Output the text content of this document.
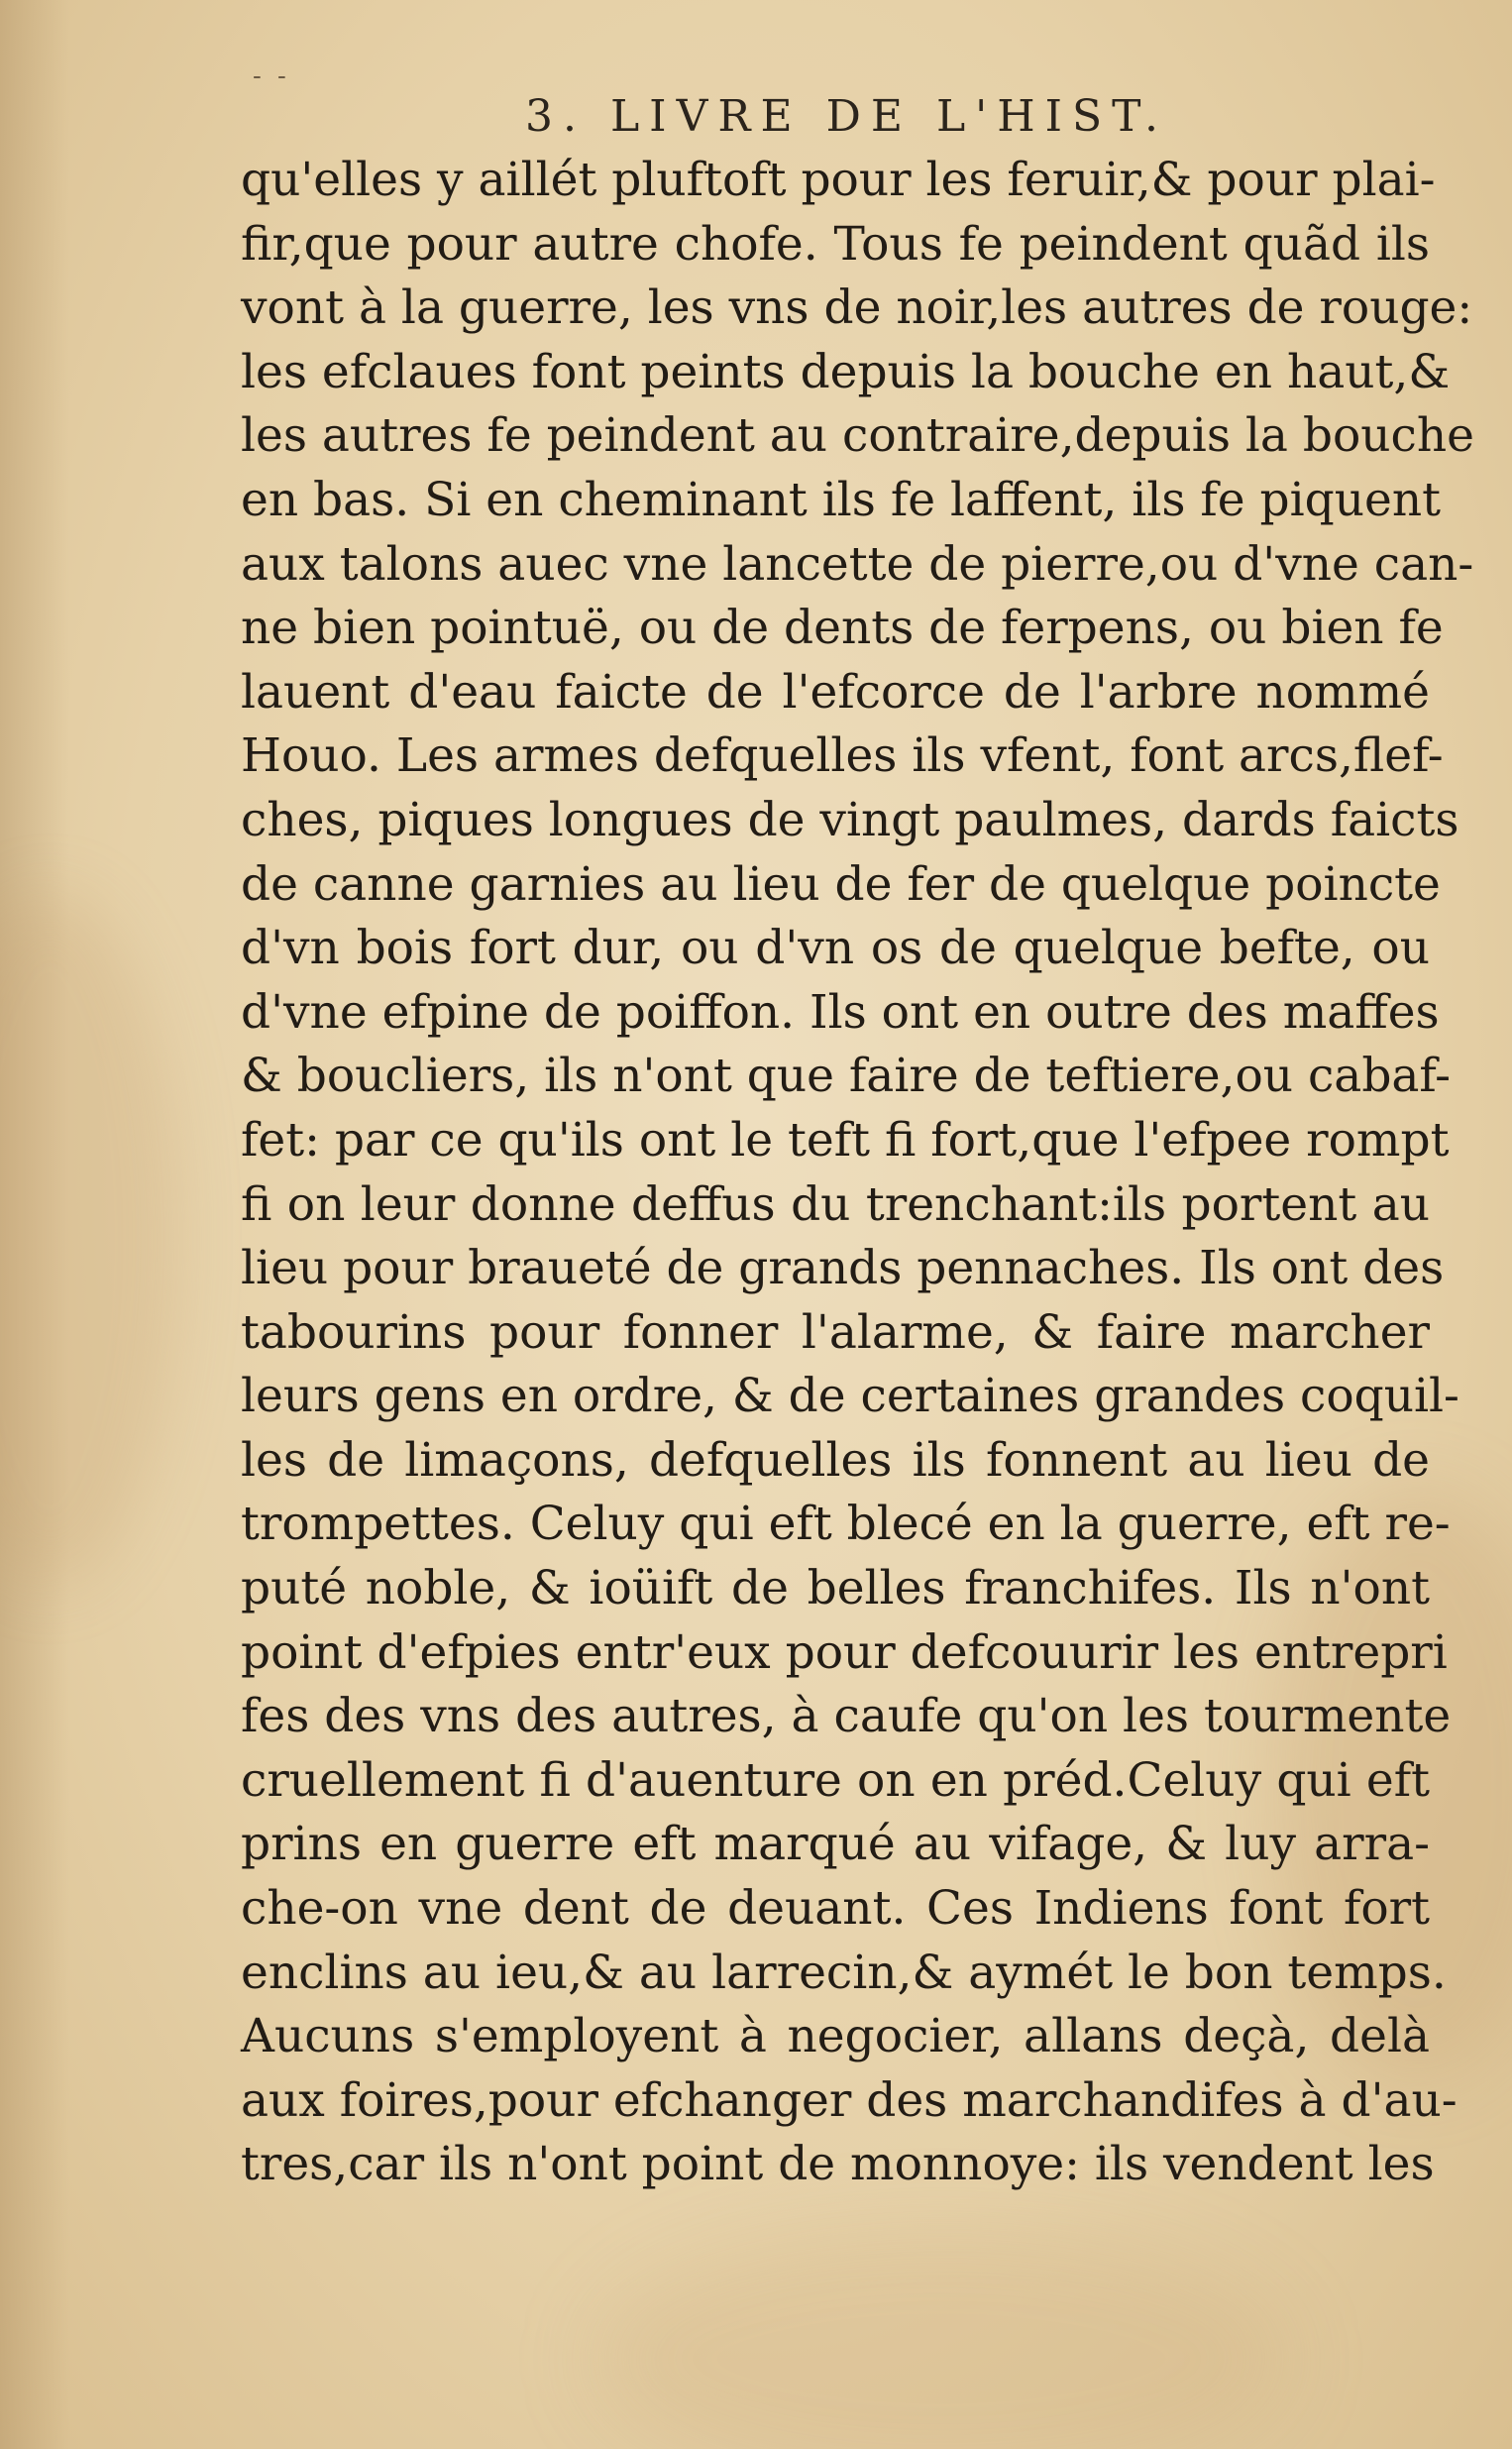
- -
3. LIVRE DE L'HIST.
qu'elles y aillét pluftoft pour les feruir,& pour plai-
fir,que pour autre chofe. Tous fe peindent quãd ils
vont à la guerre, les vns de noir,les autres de rouge:
les efclaues font peints depuis la bouche en haut,&
les autres fe peindent au contraire,depuis la bouche
en bas. Si en cheminant ils fe laffent, ils fe piquent
aux talons auec vne lancette de pierre,ou d'vne can-
ne bien pointuë, ou de dents de ferpens, ou bien fe
lauent d'eau faicte de l'efcorce de l'arbre nommé
Houo. Les armes defquelles ils vfent, font arcs,flef-
ches, piques longues de vingt paulmes, dards faicts
de canne garnies au lieu de fer de quelque poincte
d'vn bois fort dur, ou d'vn os de quelque befte, ou
d'vne efpine de poiffon. Ils ont en outre des maffes
& boucliers, ils n'ont que faire de teftiere,ou cabaf-
fet: par ce qu'ils ont le teft fi fort,que l'efpee rompt
fi on leur donne deffus du trenchant:ils portent au
lieu pour braueté de grands pennaches. Ils ont des
tabourins pour fonner l'alarme, & faire marcher
leurs gens en ordre, & de certaines grandes coquil-
les de limaçons, defquelles ils fonnent au lieu de
trompettes. Celuy qui eft blecé en la guerre, eft re-
puté noble, & ioüift de belles franchifes. Ils n'ont
point d'efpies entr'eux pour defcouurir les entrepri
fes des vns des autres, à caufe qu'on les tourmente
cruellement fi d'auenture on en préd.Celuy qui eft
prins en guerre eft marqué au vifage, & luy arra-
che-on vne dent de deuant. Ces Indiens font fort
enclins au ieu,& au larrecin,& aymét le bon temps.
Aucuns s'employent à negocier, allans deçà, delà
aux foires,pour efchanger des marchandifes à d'au-
tres,car ils n'ont point de monnoye: ils vendent les
